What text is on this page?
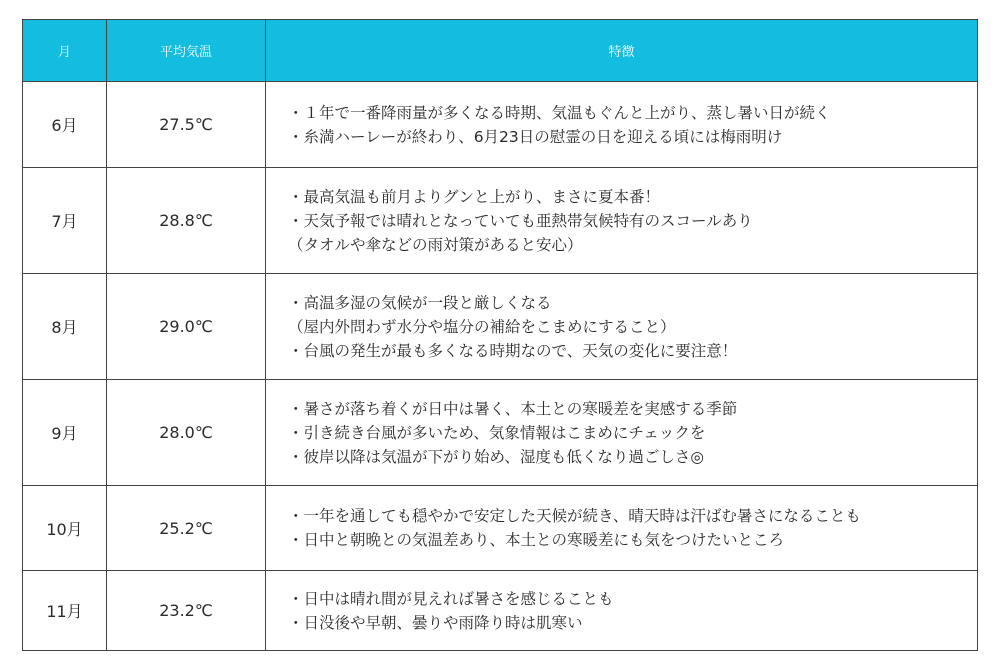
月	平均気温	特徴
6月	27.5℃	・１年で一番降雨量が多くなる時期、気温もぐんと上がり、蒸し暑い日が続く
・糸満ハーレーが終わり、6月23日の慰霊の日を迎える頃には梅雨明け

7月	28.8℃	・最高気温も前月よりグンと上がり、まさに夏本番！
・天気予報では晴れとなっていても亜熱帯気候特有のスコールあり
（タオルや傘などの雨対策があると安心）

8月	29.0℃	・高温多湿の気候が一段と厳しくなる
（屋内外問わず水分や塩分の補給をこまめにすること）
・台風の発生が最も多くなる時期なので、天気の変化に要注意！

9月	28.0℃	・暑さが落ち着くが日中は暑く、本土との寒暖差を実感する季節
・引き続き台風が多いため、気象情報はこまめにチェックを
・彼岸以降は気温が下がり始め、湿度も低くなり過ごしさ◎

10月	25.2℃	・一年を通しても穏やかで安定した天候が続き、晴天時は汗ばむ暑さになることも
・日中と朝晩との気温差あり、本土との寒暖差にも気をつけたいところ

11月	23.2℃	・日中は晴れ間が見えれば暑さを感じることも
・日没後や早朝、曇りや雨降り時は肌寒い
